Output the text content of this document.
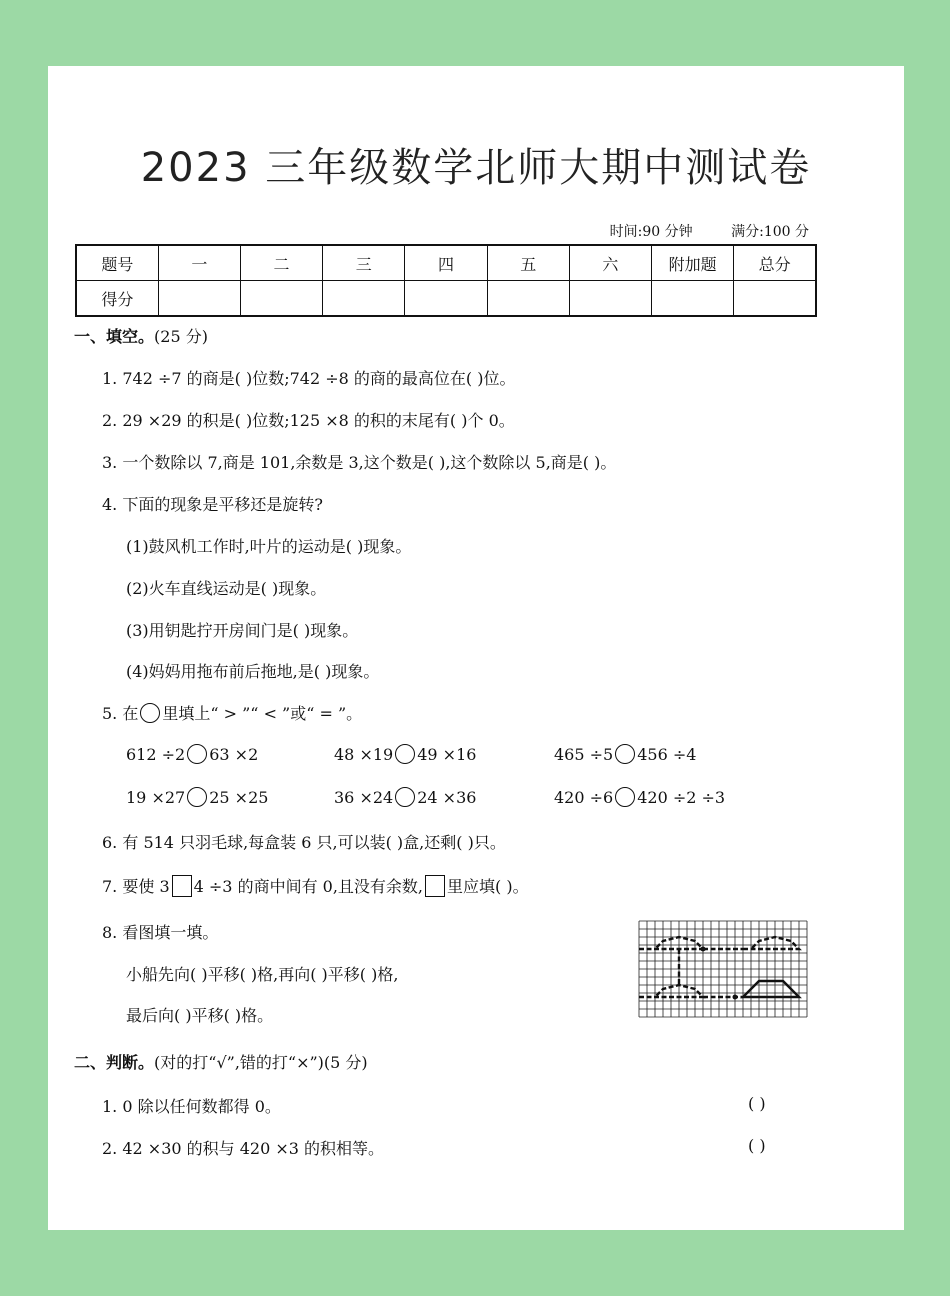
2023 三年级数学北师大期中测试卷
时间:90 分钟	满分:100 分
题号	一	二	三	四	五	六	附加题	总分
得分								
一、填空。(25 分)
1. 742 ÷7 的商是( )位数;742 ÷8 的商的最高位在( )位。
2. 29 ×29 的积是( )位数;125 ×8 的积的末尾有( )个 0。
3. 一个数除以 7,商是 101,余数是 3,这个数是( ),这个数除以 5,商是( )。
4. 下面的现象是平移还是旋转?
(1)鼓风机工作时,叶片的运动是( )现象。
(2)火车直线运动是( )现象。
(3)用钥匙拧开房间门是( )现象。
(4)妈妈用拖布前后拖地,是( )现象。
5. 在 里填上“ > ”“ < ”或“ = ”。
612 ÷2 63 ×2	48 ×19 49 ×16	465 ÷5 456 ÷4
19 ×27 25 ×25	36 ×24 24 ×36	420 ÷6 420 ÷2 ÷3
6. 有 514 只羽毛球,每盒装 6 只,可以装( )盒,还剩( )只。
7. 要使 3 4 ÷3 的商中间有 0,且没有余数, 里应填( )。
8. 看图填一填。
小船先向( )平移( )格,再向( )平移( )格,
最后向( )平移( )格。
二、判断。(对的打“√”,错的打“×”)(5 分)
1. 0 除以任何数都得 0。	( )
2. 42 ×30 的积与 420 ×3 的积相等。	( )
